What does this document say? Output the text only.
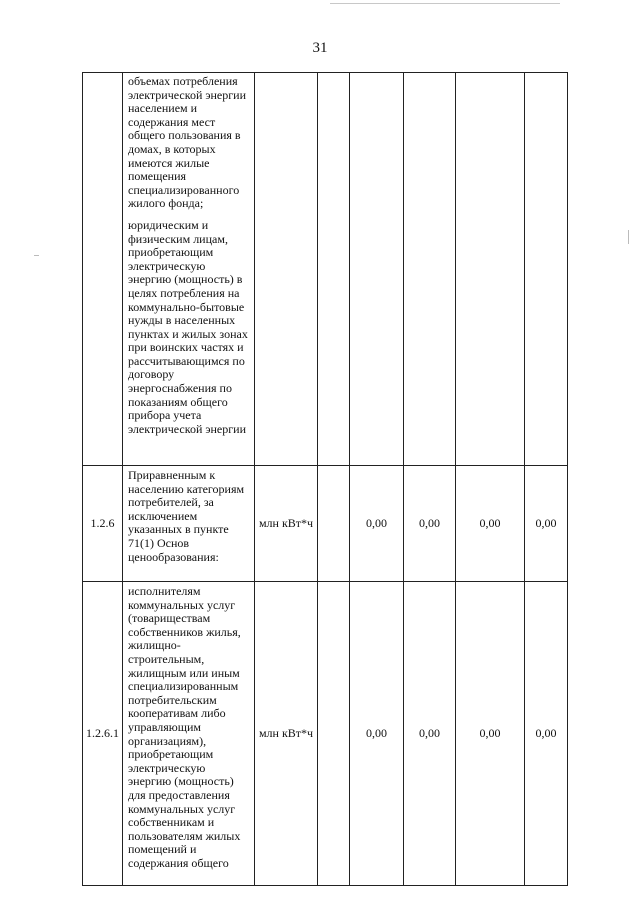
31

	объемах потребления электрической энергии населением и содержания мест общего пользования в домах, в которых имеются жилые помещения специализированного жилого фонда;
юридическим и физическим лицам, приобретающим электрическую энергию (мощность) в целях потребления на коммунально-бытовые нужды в населенных пунктах и жилых зонах при воинских частях и рассчитывающимся по договору энергоснабжения по показаниям общего прибора учета электрической энергии						

1.2.6	Приравненным к населению категориям потребителей, за исключением указанных в пункте 71(1) Основ ценообразования:	млн кВт*ч		0,00	0,00	0,00	0,00
1.2.6.1	исполнителям коммунальных услуг (товариществам собственников жилья, жилищно-строительным, жилищным или иным специализированным потребительским кооперативам либо управляющим организациям), приобретающим электрическую энергию (мощность) для предоставления коммунальных услуг собственникам и пользователям жилых помещений и содержания общего	млн кВт*ч		0,00	0,00	0,00	0,00
